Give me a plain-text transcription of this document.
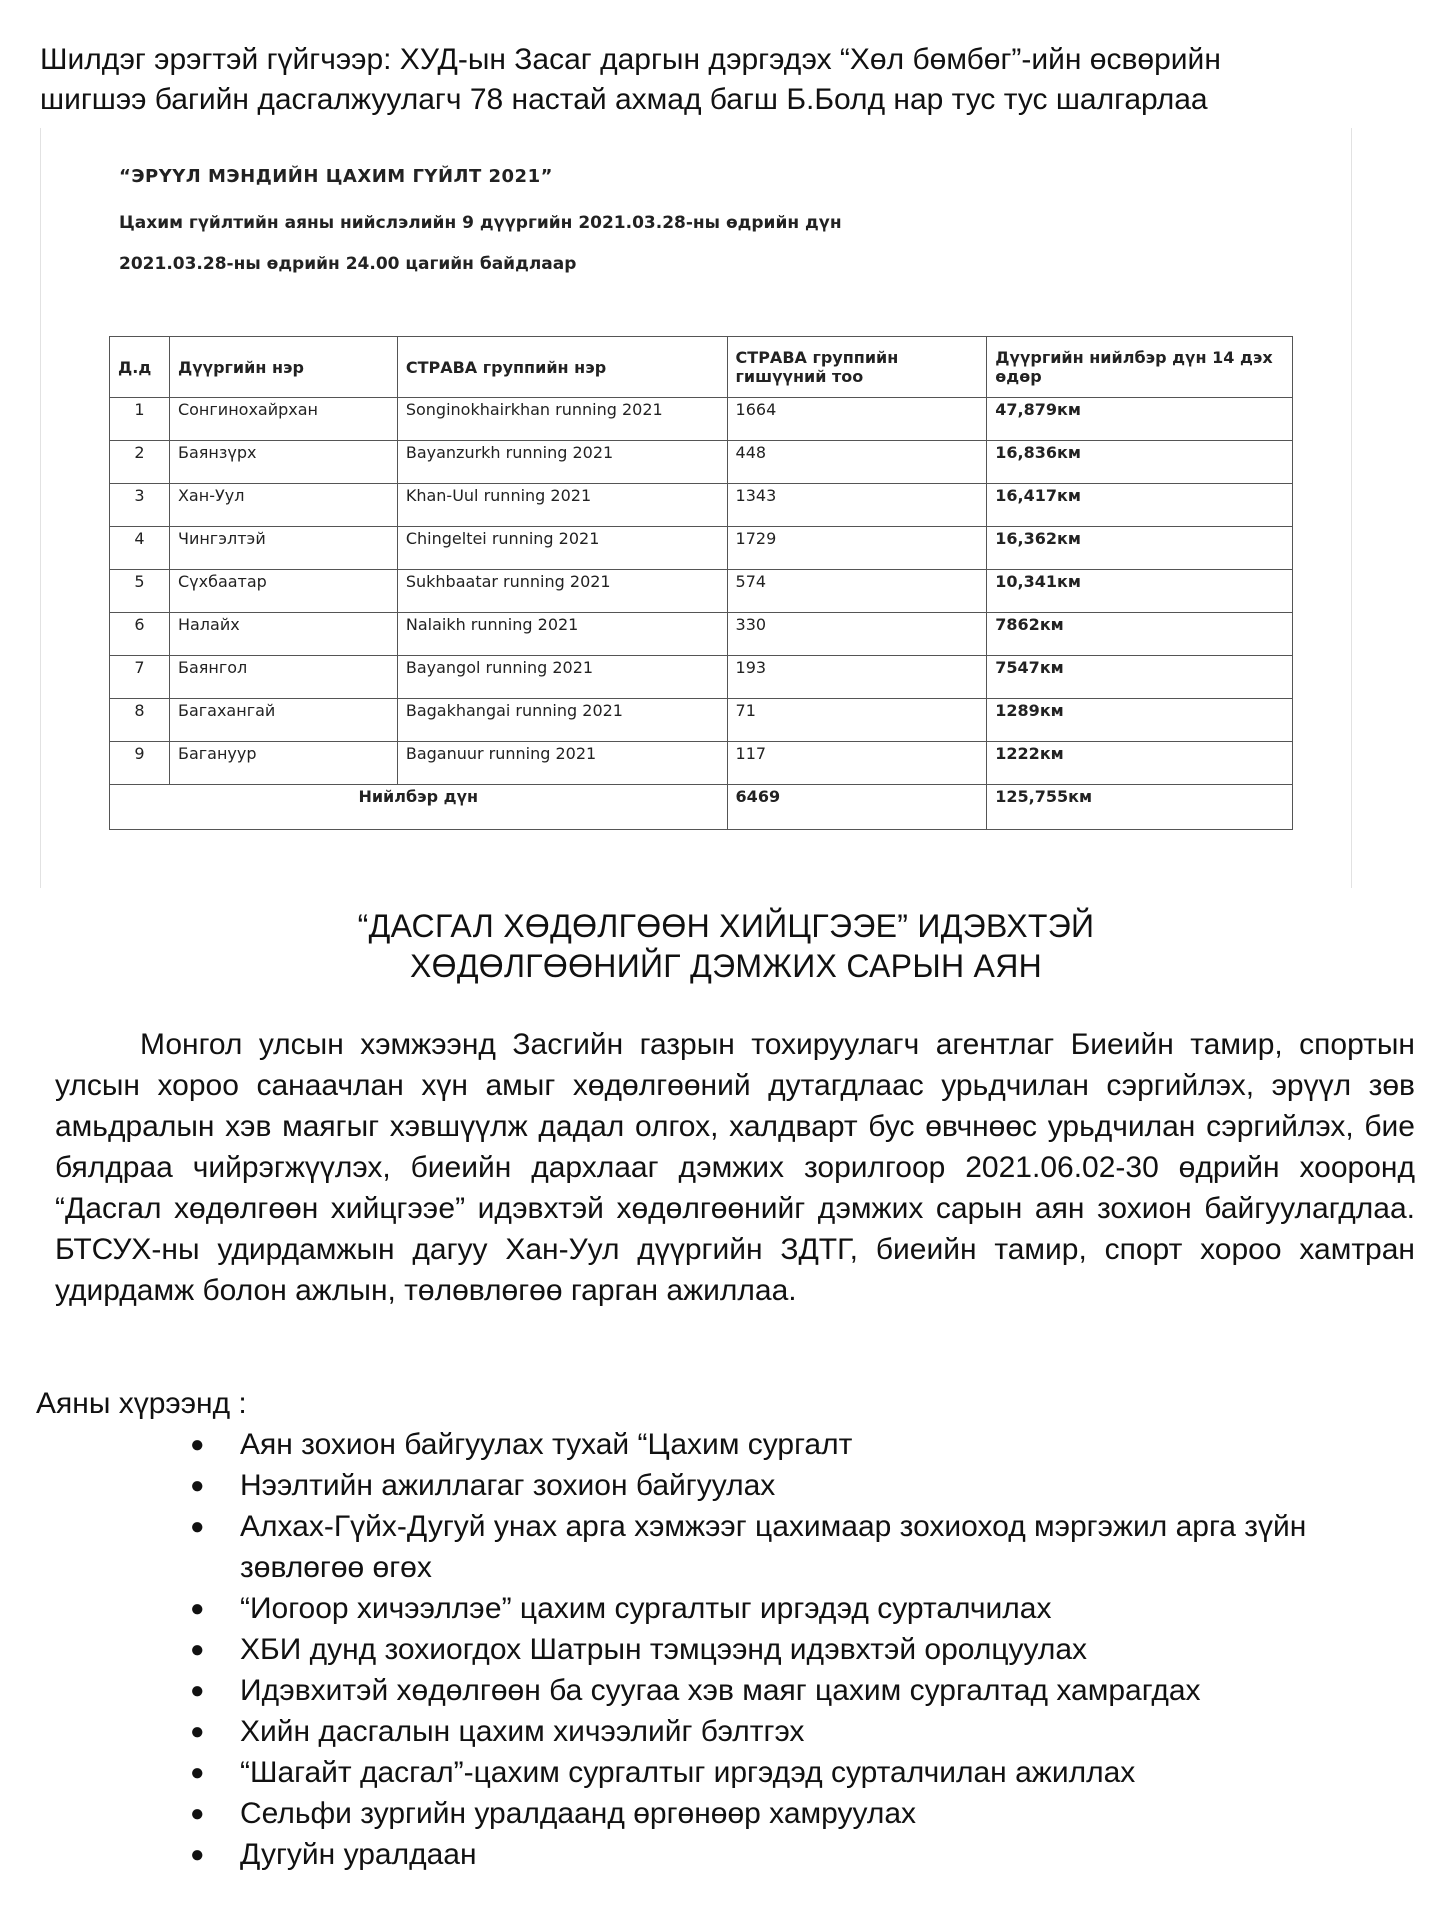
Шилдэг эрэгтэй гүйгчээр: ХУД-ын Засаг даргын дэргэдэх “Хөл бөмбөг”-ийн өсвөрийн

шигшээ багийн дасгалжуулагч 78 настай ахмад багш Б.Болд нар тус тус шалгарлаа

“ЭРҮҮЛ МЭНДИЙН ЦАХИМ ГҮЙЛТ 2021”

Цахим гүйлтийн аяны нийслэлийн 9 дүүргийн 2021.03.28-ны өдрийн дүн

2021.03.28-ны өдрийн 24.00 цагийн байдлаар

Д.д	Дүүргийн нэр	СТРАВА группийн нэр	СТРАВА группийн гишүүний тоо	Дүүргийн нийлбэр дүн 14 дэх өдөр
1	Сонгинохайрхан	Songinokhairkhan running 2021	1664	47,879км
2	Баянзүрх	Bayanzurkh running 2021	448	16,836км
3	Хан-Уул	Khan-Uul running 2021	1343	16,417км
4	Чингэлтэй	Chingeltei running 2021	1729	16,362км
5	Сүхбаатар	Sukhbaatar running 2021	574	10,341км
6	Налайх	Nalaikh running 2021	330	7862км
7	Баянгол	Bayangol running 2021	193	7547км
8	Багахангай	Bagakhangai running 2021	71	1289км
9	Багануур	Baganuur running 2021	117	1222км
Нийлбэр дүн			6469	125,755км
“ДАСГАЛ ХӨДӨЛГӨӨН ХИЙЦГЭЭЕ” ИДЭВХТЭЙ
ХӨДӨЛГӨӨНИЙГ ДЭМЖИХ САРЫН АЯН

Монгол улсын хэмжээнд Засгийн газрын тохируулагч агентлаг Биеийн тамир, спортын улсын хороо санаачлан хүн амыг хөдөлгөөний дутагдлаас урьдчилан сэргийлэх, эрүүл зөв амьдралын хэв маягыг хэвшүүлж дадал олгох, халдварт бус өвчнөөс урьдчилан сэргийлэх, бие бялдраа чийрэгжүүлэх, биеийн дархлааг дэмжих зорилгоор 2021.06.02-30 өдрийн хооронд “Дасгал хөдөлгөөн хийцгээе” идэвхтэй хөдөлгөөнийг дэмжих сарын аян зохион байгуулагдлаа. БТСУХ-ны удирдамжын дагуу Хан-Уул дүүргийн ЗДТГ, биеийн тамир, спорт хороо хамтран удирдамж болон ажлын, төлөвлөгөө гарган ажиллаа.

Аяны хүрээнд :

● Аян зохион байгуулах тухай “Цахим сургалт
● Нээлтийн ажиллагаг зохион байгуулах
● Алхах-Гүйх-Дугуй унах арга хэмжээг цахимаар зохиоход мэргэжил арга зүйн зөвлөгөө өгөх
● “Иогоор хичээллэе” цахим сургалтыг иргэдэд сурталчилах
● ХБИ дунд зохиогдох Шатрын тэмцээнд идэвхтэй оролцуулах
● Идэвхитэй хөдөлгөөн ба суугаа хэв маяг цахим сургалтад хамрагдах
● Хийн дасгалын цахим хичээлийг бэлтгэх
● “Шагайт дасгал”-цахим сургалтыг иргэдэд сурталчилан ажиллах
● Сельфи зургийн уралдаанд өргөнөөр хамруулах
● Дугуйн уралдаан
